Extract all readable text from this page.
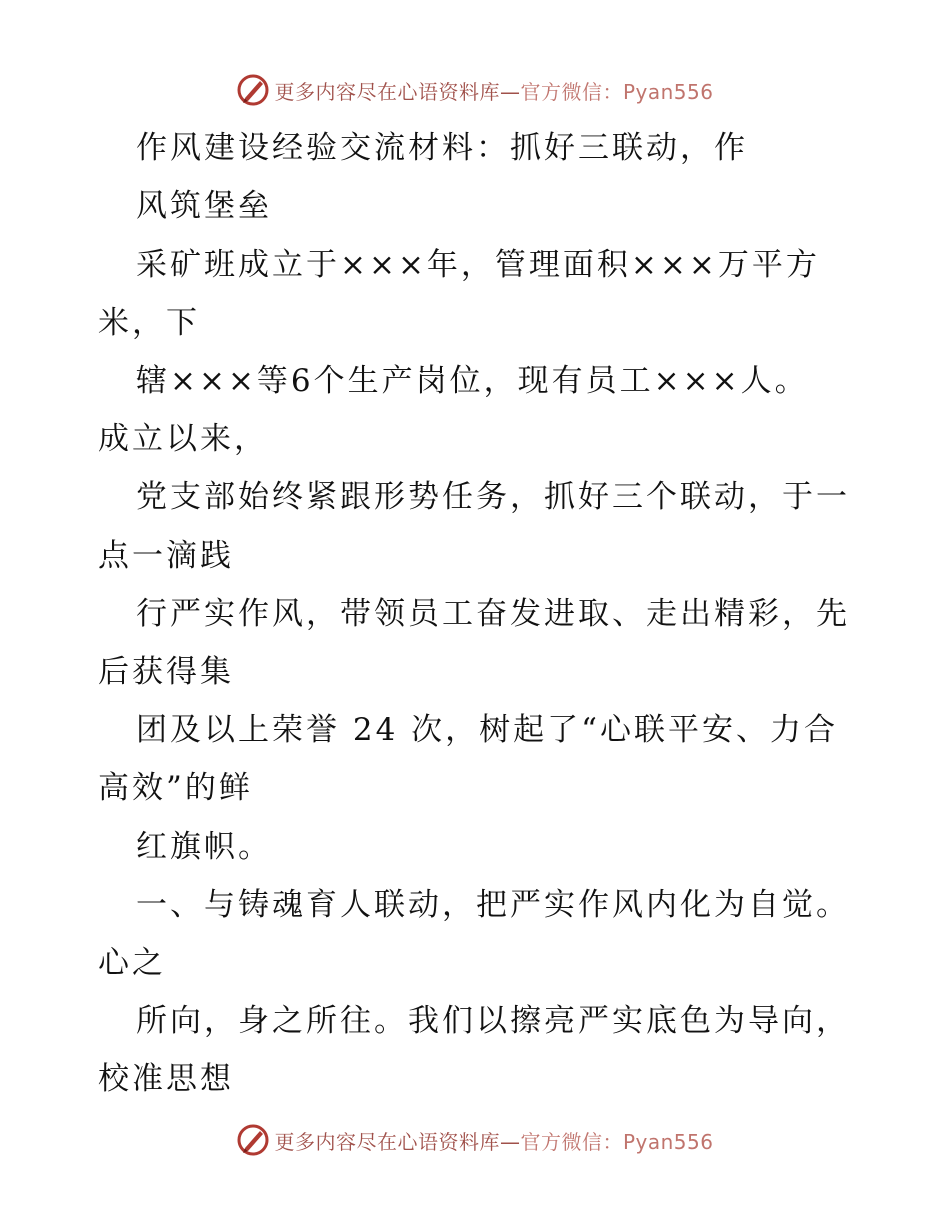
更多内容尽在心语资料库—官方微信：Pyan556
作风建设经验交流材料：抓好三联动，作
风筑堡垒
采矿班成立于×××年，管理面积×××万平方
米，下
辖×××等6个生产岗位，现有员工×××人。
成立以来，
党支部始终紧跟形势任务，抓好三个联动，于一
点一滴践
行严实作风，带领员工奋发进取、走出精彩，先
后获得集
团及以上荣誉 24 次，树起了“心联平安、力合
高效”的鲜
红旗帜。
一、与铸魂育人联动，把严实作风内化为自觉。
心之
所向，身之所往。我们以擦亮严实底色为导向，
校准思想
更多内容尽在心语资料库—官方微信：Pyan556
